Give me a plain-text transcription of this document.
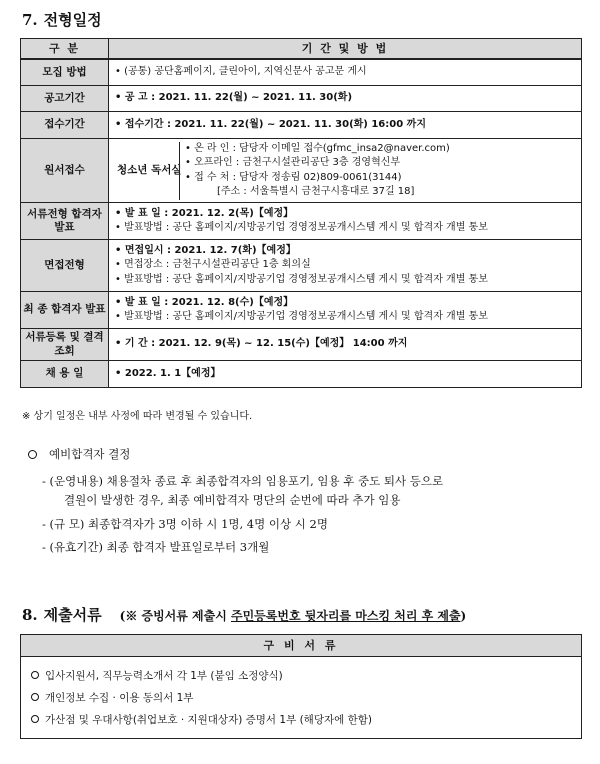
7. 전형일정
구 분	기 간 및 방 법
모집 방법	• (공통) 공단홈페이지, 클린아이, 지역신문사 공고문 게시

공고기간	• 공 고 : 2021. 11. 22(월) ~ 2021. 11. 30(화)

접수기간	• 접수기간 : 2021. 11. 22(월) ~ 2021. 11. 30(화) 16:00 까지

원서접수	청소년 독서실
• 온 라 인 : 담당자 이메일 접수(gfmc_insa2@naver.com)
• 오프라인 : 금천구시설관리공단 3층 경영혁신부
• 접 수 처 : 담당자 정송림 02)809-0061(3144)
[주소 : 서울특별시 금천구시흥대로 37길 18]

서류전형 합격자 발표	• 발 표 일 : 2021. 12. 2(목)【예정】
• 발표방법 : 공단 홈페이지/지방공기업 경영정보공개시스템 게시 및 합격자 개별 통보

면접전형	• 면접일시 : 2021. 12. 7(화)【예정】
• 면접장소 : 금천구시설관리공단 1층 회의실
• 발표방법 : 공단 홈페이지/지방공기업 경영정보공개시스템 게시 및 합격자 개별 통보

최 종 합격자 발표	• 발 표 일 : 2021. 12. 8(수)【예정】
• 발표방법 : 공단 홈페이지/지방공기업 경영정보공개시스템 게시 및 합격자 개별 통보

서류등록 및 결격조회	• 기 간 : 2021. 12. 9(목) ~ 12. 15(수)【예정】 14:00 까지

채 용 일	• 2022. 1. 1【예정】
※ 상기 일정은 내부 사정에 따라 변경될 수 있습니다.
예비합격자 결정

- (운영내용) 채용절차 종료 후 최종합격자의 임용포기, 임용 후 중도 퇴사 등으로

결원이 발생한 경우, 최종 예비합격자 명단의 순번에 따라 추가 임용

- (규 모) 최종합격자가 3명 이하 시 1명, 4명 이상 시 2명

- (유효기간) 최종 합격자 발표일로부터 3개월

8. 제출서류 (※ 증빙서류 제출시 주민등록번호 뒷자리를 마스킹 처리 후 제출)
구 비 서 류
입사지원서, 직무능력소개서 각 1부 (붙임 소정양식)
개인정보 수집 · 이용 동의서 1부
가산점 및 우대사항(취업보호 · 지원대상자) 증명서 1부 (해당자에 한함)
